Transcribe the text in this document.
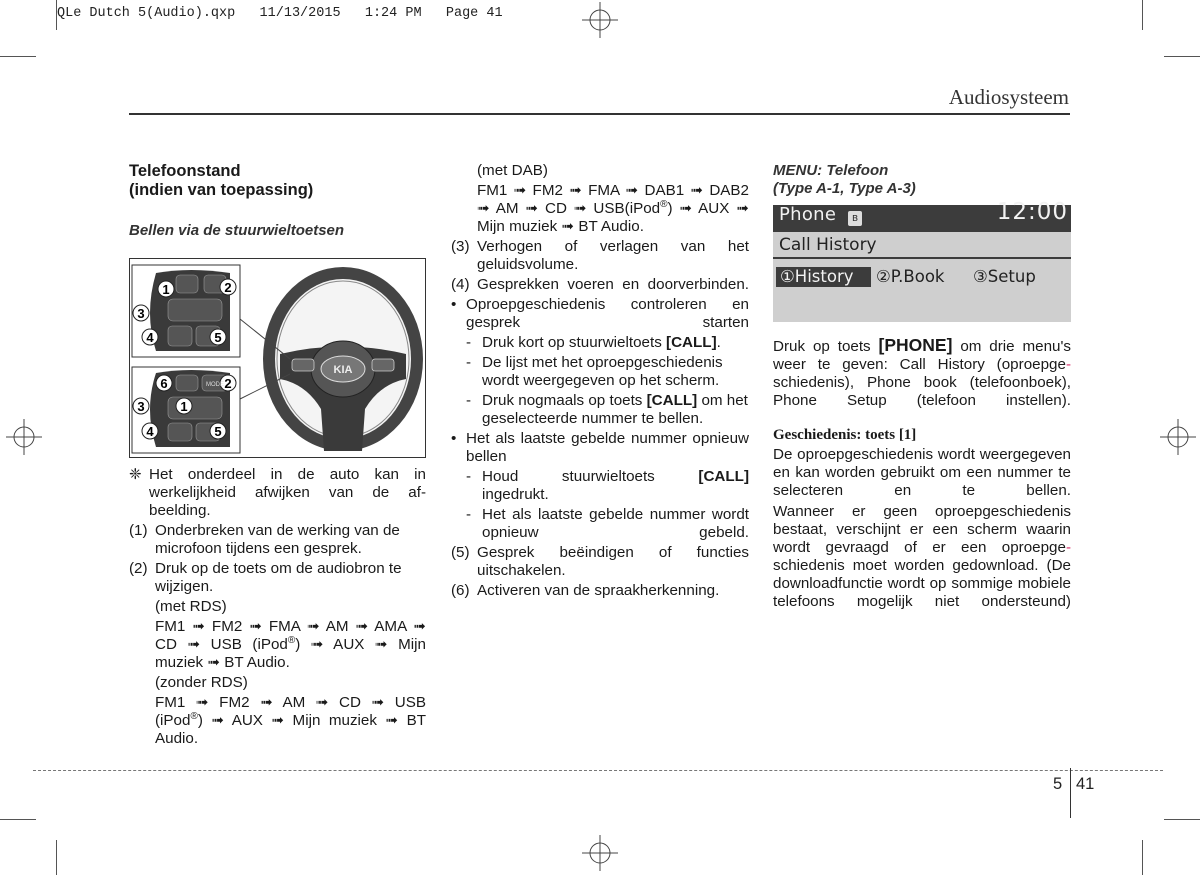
QLe Dutch 5(Audio).qxp   11/13/2015   1:24 PM   Page 41
Audiosysteem
Telefoonstand
(indien van toepassing)
Bellen via de stuurwieltoetsen
KIA
1	2
3
4	5
6	2
3	1
4	5
MODE
❈ Het onderdeel in de auto kan in werkelijkheid afwijken van de af-beelding.
(1) Onderbreken van de werking van de microfoon tijdens een gesprek.
(2) Druk op de toets om de audiobron te wijzigen.
(met RDS)
FM1 ➟ FM2 ➟ FMA ➟ AM ➟ AMA ➟
CD ➟ USB (iPod®) ➟ AUX ➟ Mijn
muziek ➟ BT Audio.
(zonder RDS)
FM1 ➟ FM2 ➟ AM ➟ CD ➟ USB
(iPod®) ➟ AUX ➟ Mijn muziek ➟ BT
Audio.
(met DAB)
FM1 ➟ FM2 ➟ FMA ➟ DAB1 ➟ DAB2
➟ AM ➟ CD ➟ USB(iPod®) ➟ AUX ➟
Mijn muziek ➟ BT Audio.
(3) Verhogen of verlagen van het geluidsvolume.
(4) Gesprekken voeren en doorverbinden.
• Oproepgeschiedenis controleren en gesprek starten
- Druk kort op stuurwieltoets [CALL].
- De lijst met het oproepgeschiedenis wordt weergegeven op het scherm.
- Druk nogmaals op toets [CALL] om het geselecteerde nummer te bellen.
• Het als laatste gebelde nummer opnieuw bellen
- Houd stuurwieltoets [CALL]
ingedrukt.
- Het als laatste gebelde nummer wordt opnieuw gebeld.
(5) Gesprek beëindigen of functies uitschakelen.
(6) Activeren van de spraakherkenning.
MENU: Telefoon
(Type A-1, Type A-3)
Phone	ʙ	12:00
Call History
①History	②P.Book	③Setup
Druk op toets [PHONE] om drie menu's weer te geven: Call History (oproepge-schiedenis), Phone book (telefoonboek), Phone Setup (telefoon instellen).
Geschiedenis: toets [1]
De oproepgeschiedenis wordt weergegeven en kan worden gebruikt om een nummer te selecteren en te bellen.
Wanneer er geen oproepgeschiedenis bestaat, verschijnt er een scherm waarin wordt gevraagd of er een oproepge-schiedenis moet worden gedownload. (De downloadfunctie wordt op sommige mobiele telefoons mogelijk niet ondersteund)
5 41
